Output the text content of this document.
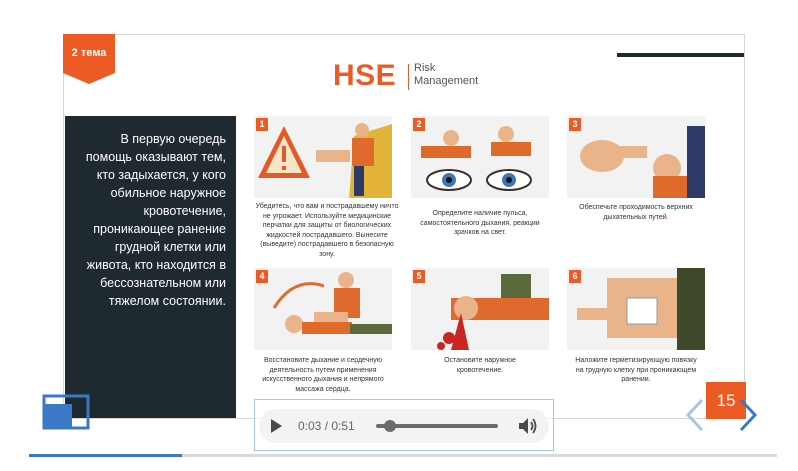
2 тема
HSE Risk
Management
В первую очередь помощь оказывают тем, кто задыхается, у кого обильное наружное кровотечение, проникающее ранение грудной клетки или живота, кто находится в бессознательном или тяжелом состоянии.
1
Убедитесь, что вам и пострадавшему ничто не угрожает. Используйте медицинские перчатки для защиты от биологических жидкостей пострадавшего. Вынесите (выведите) пострадавшего в безопасную зону.
2
Определите наличие пульса, самостоятельного дыхания, реакции зрачков на свет.
3
Обеспечьте проходимость верхних дыхательных путей.
4
Восстановите дыхание и сердечную деятельность путем применения искусственного дыхания и непрямого массажа сердца.
5
Остановите наружное кровотечение.
6
Наложите герметизирующую повязку на грудную клетку при проникающем ранении.
0:03 / 0:51
15
